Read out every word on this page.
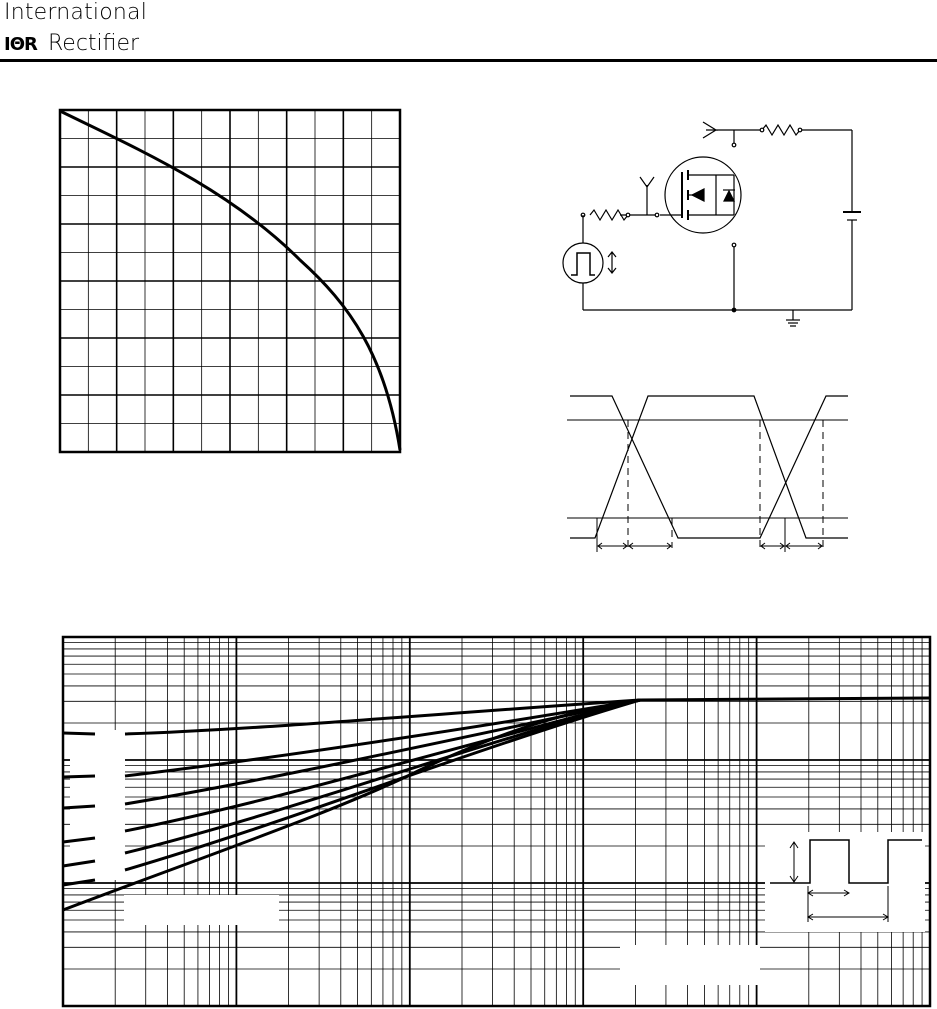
International
IΘR Rectifier
